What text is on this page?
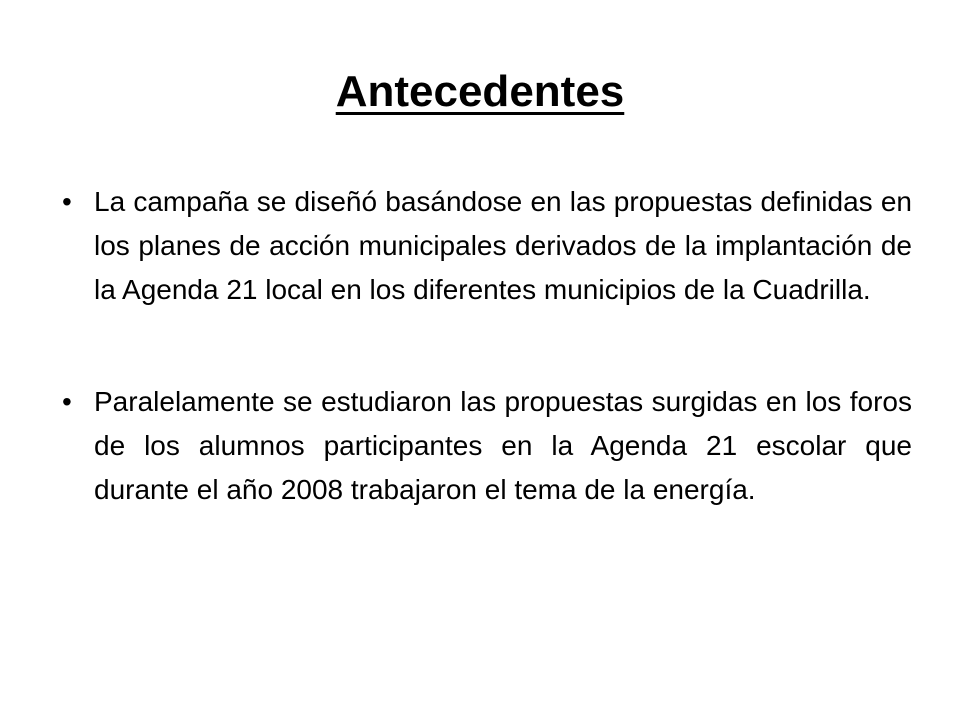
Antecedentes
• La campaña se diseñó basándose en las propuestas definidas en los planes de acción municipales derivados de la implantación de la Agenda 21 local en los diferentes municipios de la Cuadrilla.
• Paralelamente se estudiaron las propuestas surgidas en los foros de los alumnos participantes en la Agenda 21 escolar que durante el año 2008 trabajaron el tema de la energía.
